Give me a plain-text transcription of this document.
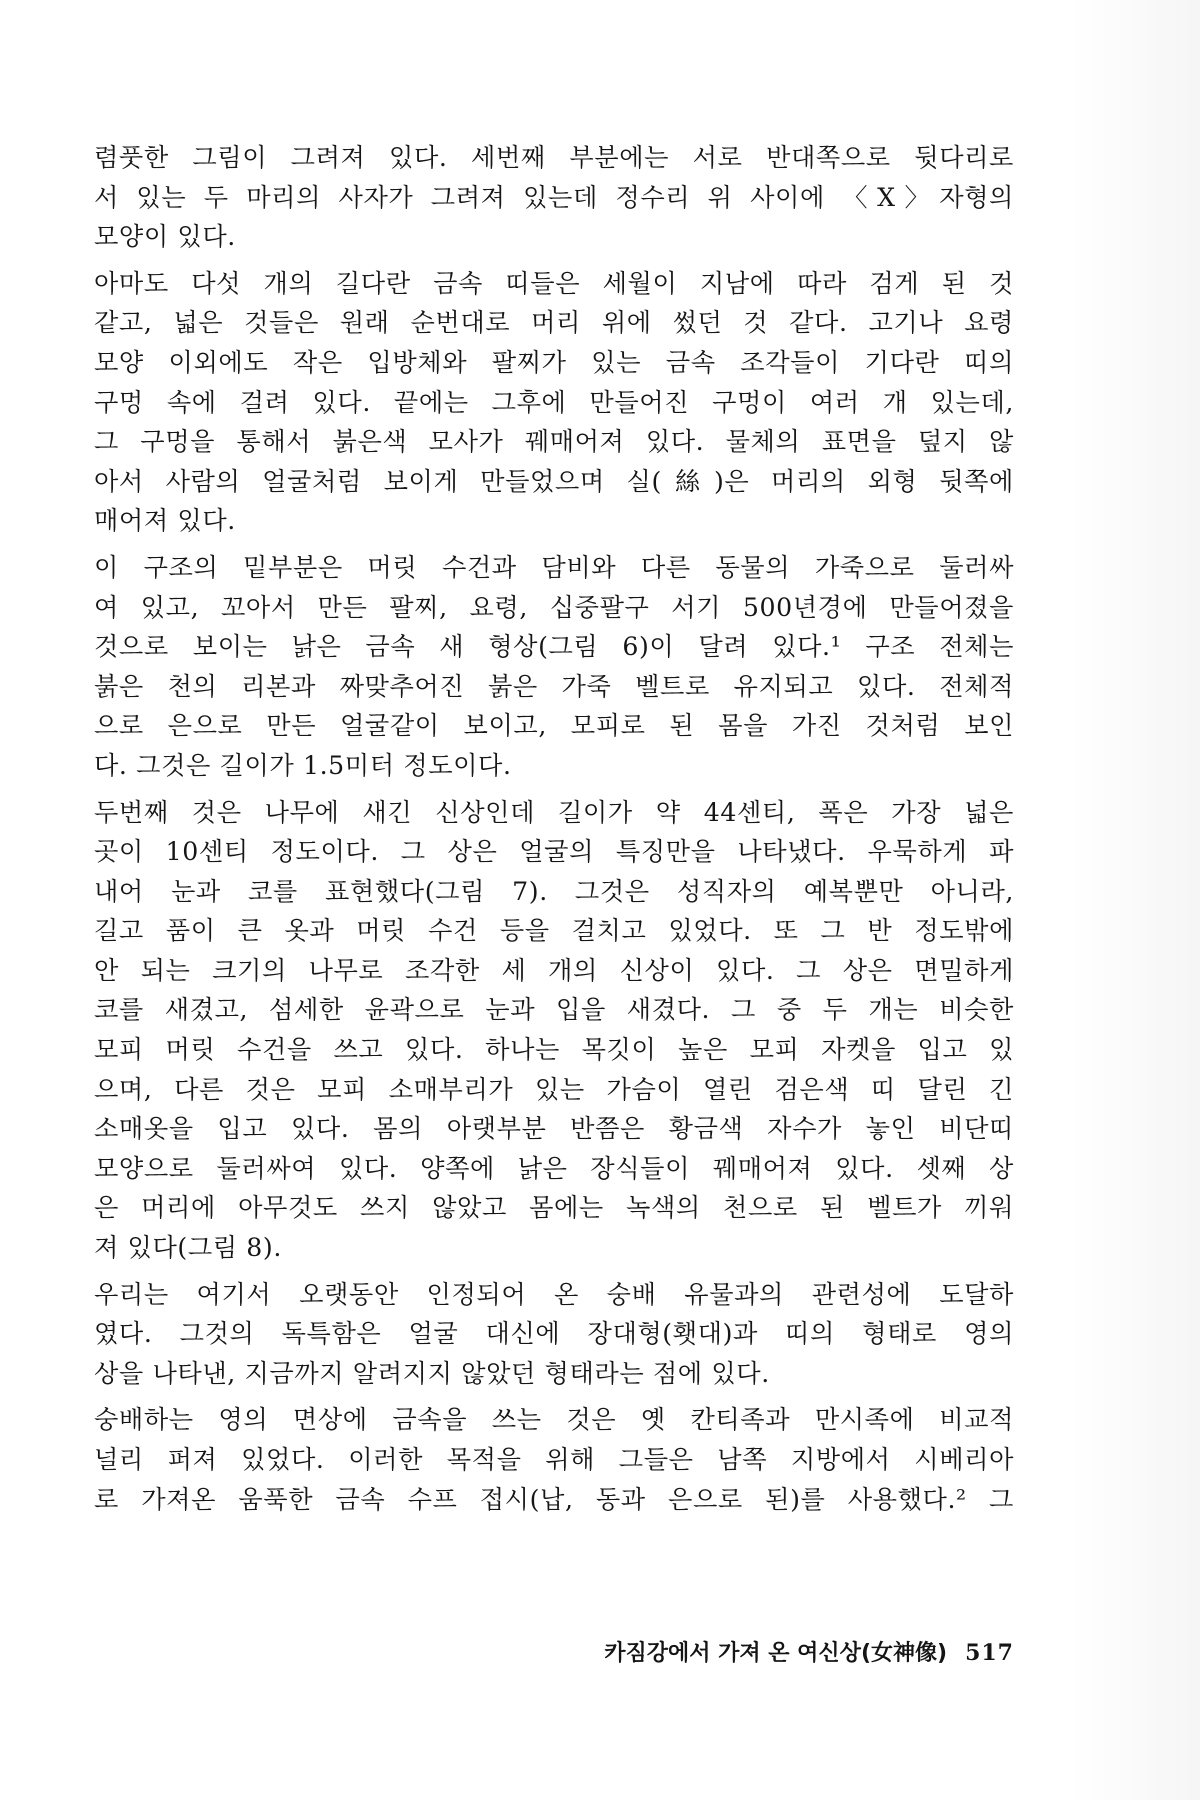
렴풋한 그림이 그려져 있다. 세번째 부분에는 서로 반대쪽으로 뒷다리로
서 있는 두 마리의 사자가 그려져 있는데 정수리 위 사이에 〈X〉자형의
모양이 있다.
아마도 다섯 개의 길다란 금속 띠들은 세월이 지남에 따라 검게 된 것
같고, 넓은 것들은 원래 순번대로 머리 위에 썼던 것 같다. 고기나 요령
모양 이외에도 작은 입방체와 팔찌가 있는 금속 조각들이 기다란 띠의
구멍 속에 걸려 있다. 끝에는 그후에 만들어진 구멍이 여러 개 있는데,
그 구멍을 통해서 붉은색 모사가 꿰매어져 있다. 물체의 표면을 덮지 않
아서 사람의 얼굴처럼 보이게 만들었으며 실(絲)은 머리의 외형 뒷쪽에
매어져 있다.
이 구조의 밑부분은 머릿 수건과 담비와 다른 동물의 가죽으로 둘러싸
여 있고, 꼬아서 만든 팔찌, 요령, 십중팔구 서기 500년경에 만들어졌을
것으로 보이는 낡은 금속 새 형상(그림 6)이 달려 있다.¹ 구조 전체는
붉은 천의 리본과 짜맞추어진 붉은 가죽 벨트로 유지되고 있다. 전체적
으로 은으로 만든 얼굴같이 보이고, 모피로 된 몸을 가진 것처럼 보인
다. 그것은 길이가 1.5미터 정도이다.
두번째 것은 나무에 새긴 신상인데 길이가 약 44센티, 폭은 가장 넓은
곳이 10센티 정도이다. 그 상은 얼굴의 특징만을 나타냈다. 우묵하게 파
내어 눈과 코를 표현했다(그림 7). 그것은 성직자의 예복뿐만 아니라,
길고 품이 큰 옷과 머릿 수건 등을 걸치고 있었다. 또 그 반 정도밖에
안 되는 크기의 나무로 조각한 세 개의 신상이 있다. 그 상은 면밀하게
코를 새겼고, 섬세한 윤곽으로 눈과 입을 새겼다. 그 중 두 개는 비슷한
모피 머릿 수건을 쓰고 있다. 하나는 목깃이 높은 모피 자켓을 입고 있
으며, 다른 것은 모피 소매부리가 있는 가슴이 열린 검은색 띠 달린 긴
소매옷을 입고 있다. 몸의 아랫부분 반쯤은 황금색 자수가 놓인 비단띠
모양으로 둘러싸여 있다. 양쪽에 낡은 장식들이 꿰매어져 있다. 셋째 상
은 머리에 아무것도 쓰지 않았고 몸에는 녹색의 천으로 된 벨트가 끼워
져 있다(그림 8).
우리는 여기서 오랫동안 인정되어 온 숭배 유물과의 관련성에 도달하
였다. 그것의 독특함은 얼굴 대신에 장대형(횃대)과 띠의 형태로 영의
상을 나타낸, 지금까지 알려지지 않았던 형태라는 점에 있다.
숭배하는 영의 면상에 금속을 쓰는 것은 옛 칸티족과 만시족에 비교적
널리 퍼져 있었다. 이러한 목적을 위해 그들은 남쪽 지방에서 시베리아
로 가져온 움푹한 금속 수프 접시(납, 동과 은으로 된)를 사용했다.² 그
카짐강에서 가져 온 여신상(女神像) 517
